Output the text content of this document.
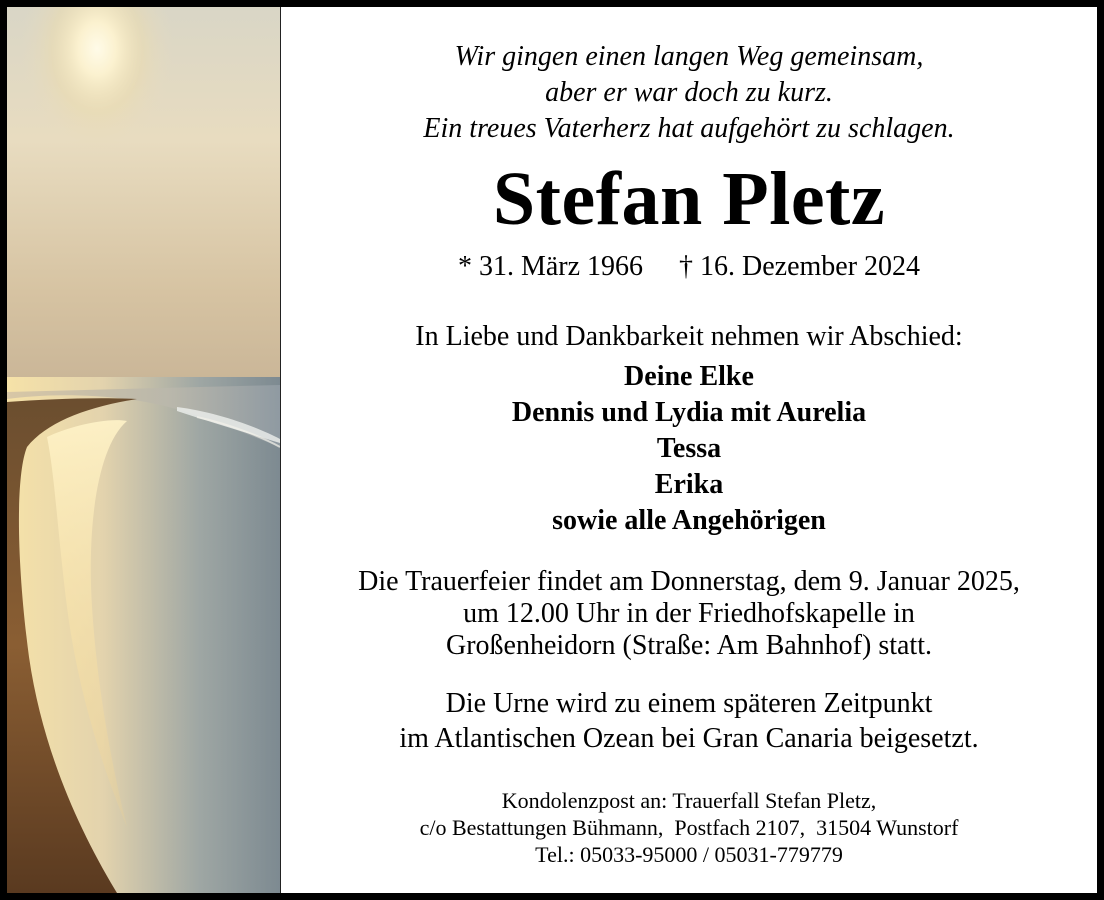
Wir gingen einen langen Weg gemeinsam,
aber er war doch zu kurz.
Ein treues Vaterherz hat aufgehört zu schlagen.
Stefan Pletz
* 31. März 1966 † 16. Dezember 2024
In Liebe und Dankbarkeit nehmen wir Abschied:
Deine Elke
Dennis und Lydia mit Aurelia
Tessa
Erika
sowie alle Angehörigen
Die Trauerfeier findet am Donnerstag, dem 9. Januar 2025,
um 12.00 Uhr in der Friedhofskapelle in
Großenheidorn (Straße: Am Bahnhof) statt.
Die Urne wird zu einem späteren Zeitpunkt
im Atlantischen Ozean bei Gran Canaria beigesetzt.
Kondolenzpost an: Trauerfall Stefan Pletz,
c/o Bestattungen Bühmann,  Postfach 2107,  31504 Wunstorf
Tel.: 05033-95000 / 05031-779779
